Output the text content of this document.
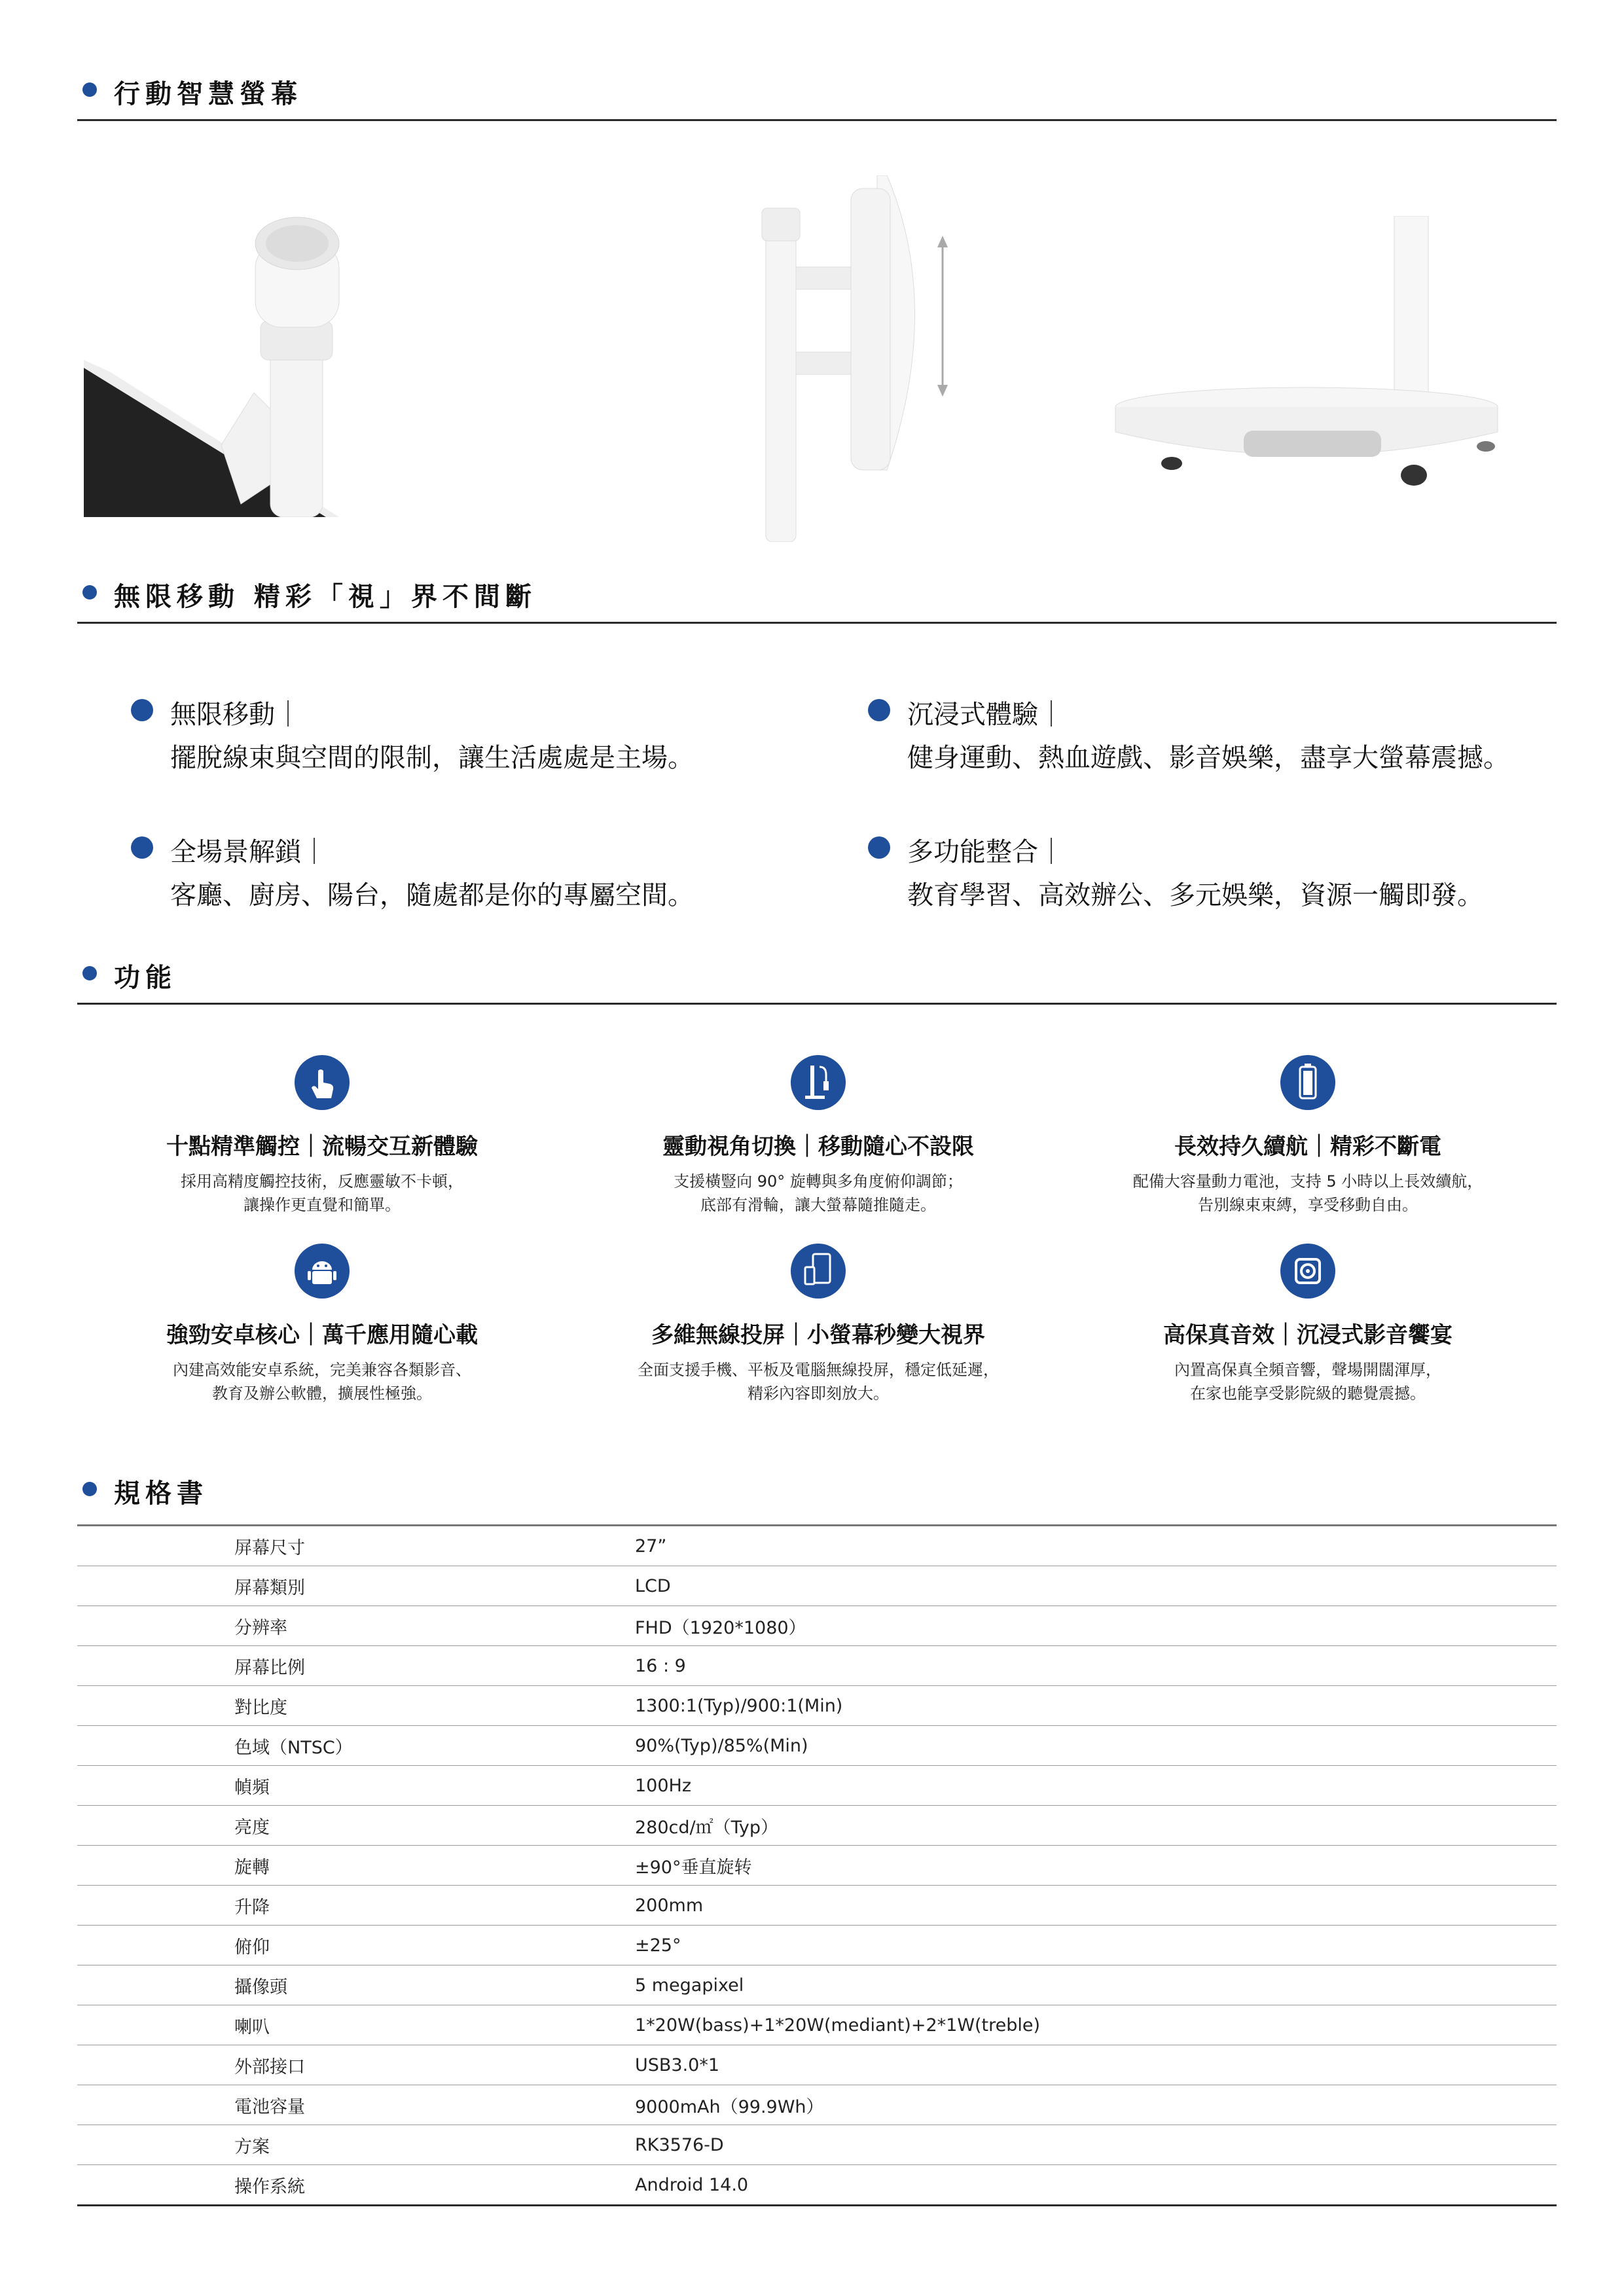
行動智慧螢幕
無限移動 精彩「視」界不間斷
無限移動｜
擺脫線束與空間的限制，讓生活處處是主場。
沉浸式體驗｜
健身運動、熱血遊戲、影音娛樂，盡享大螢幕震撼。
全場景解鎖｜
客廳、廚房、陽台，隨處都是你的專屬空間。
多功能整合｜
教育學習、高效辦公、多元娛樂，資源一觸即發。
功能
十點精準觸控｜流暢交互新體驗
採用高精度觸控技術，反應靈敏不卡頓，
讓操作更直覺和簡單。
靈動視角切換｜移動隨心不設限
支援橫豎向 90° 旋轉與多角度俯仰調節；
底部有滑輪，讓大螢幕隨推隨走。
長效持久續航｜精彩不斷電
配備大容量動力電池，支持 5 小時以上長效續航，
告別線束束縛，享受移動自由。
強勁安卓核心｜萬千應用隨心載
內建高效能安卓系統，完美兼容各類影音、
教育及辦公軟體，擴展性極強。
多維無線投屏｜小螢幕秒變大視界
全面支援手機、平板及電腦無線投屏，穩定低延遲，
精彩內容即刻放大。
高保真音效｜沉浸式影音饗宴
內置高保真全頻音響，聲場開闊渾厚，
在家也能享受影院級的聽覺震撼。
規格書
屏幕尺寸	27”
屏幕類別	LCD
分辨率	FHD（1920*1080）
屏幕比例	16 : 9
對比度	1300:1(Typ)/900:1(Min)
色域（NTSC）	90%(Typ)/85%(Min)
幀頻	100Hz
亮度	280cd/㎡（Typ）
旋轉	±90°垂直旋转
升降	200mm
俯仰	±25°
攝像頭	5 megapixel
喇叭	1*20W(bass)+1*20W(mediant)+2*1W(treble)
外部接口	USB3.0*1
電池容量	9000mAh（99.9Wh）
方案	RK3576-D
操作系統	Android 14.0
